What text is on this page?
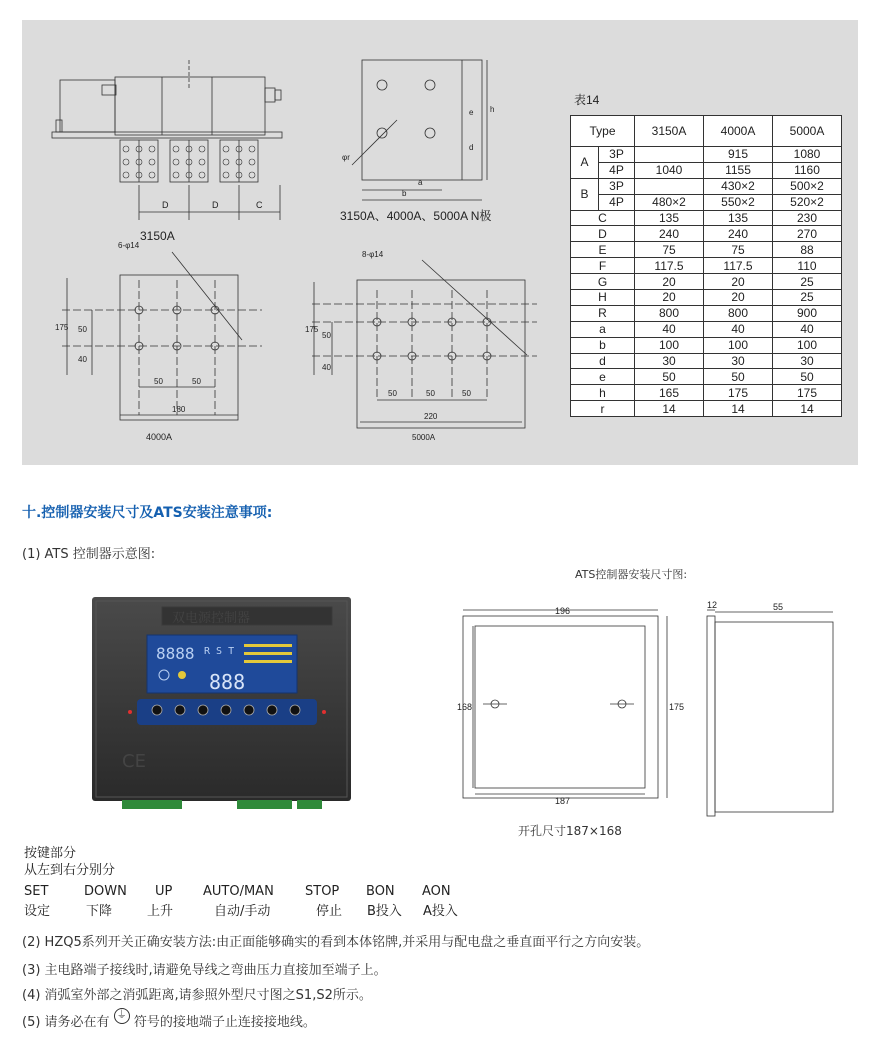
D	D	C
3150A
a
b
e
d
h
φr
3150A、4000A、5000A N极
6-φ14
175 50
40
50	50
180
4000A
8-φ14
175
50
40
50	50	50
220
5000A
表14
Type		3150A	4000A	5000A
A	3P		915	1080
	4P	1040	1155	1160
B	3P		430×2	500×2
	4P	480×2	550×2	520×2
C		135	135	230
D		240	240	270
E		75	75	88
F		117.5	117.5	110
G		20	20	25
H		20	20	25
R		800	800	900
a		40	40	40
b		100	100	100
d		30	30	30
e		50	50	50
h		165	175	175
r		14	14	14
十.控制器安装尺寸及ATS安装注意事项:
(1) ATS 控制器示意图:
ATS控制器安装尺寸图:
双电源控制器
8888 R S T
888
CE
196
175
168
187
12	55
开孔尺寸187×168
按键部分
从左到右分别分
SET	DOWN	UP	AUTO/MAN	STOP	BON	AON
设定	下降	上升	自动/手动	停止	B投入	A投入
(2) HZQ5系列开关正确安装方法:由正面能够确实的看到本体铭牌,并采用与配电盘之垂直面平行之方向安装。
(3) 主电路端子接线时,请避免导线之弯曲压力直接加至端子上。
(4) 消弧室外部之消弧距离,请参照外型尺寸图之S1,S2所示。
(5) 请务必在有 ⏚ 符号的接地端子止连接接地线。
